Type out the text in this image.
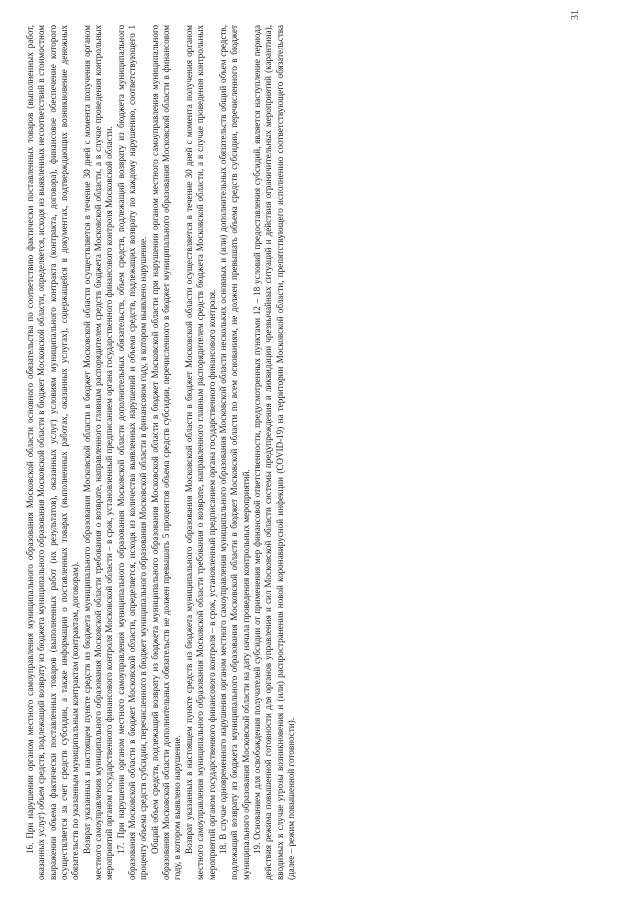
31

16. При нарушении органом местного самоуправления муниципального образования Московской области основного обязательства по соответствию фактически поставленных товаров (выполненных работ, оказанных услуг) объем средств, подлежащий возврату из бюджета муниципального образования Московской области в бюджет Московской области, определяется, исходя из выявленных несоответствий в стоимостном выражении объема фактически поставленных товаров (выполненных работ (их результатов), оказанных услуг) условиям муниципального контракта (контракта, договора), финансовое обеспечение которого осуществляется за счет средств субсидии, а также информации о поставленных товарах (выполненных работах, оказанных услугах), содержащейся в документах, подтверждающих возникновение денежных обязательств по указанным муниципальным контрактам (контрактам, договорам). Возврат указанных в настоящем пункте средств из бюджета муниципального образования Московской области в бюджет Московской области осуществляется в течение 30 дней с момента получения органом местного самоуправления муниципального образования Московской области требования о возврате, направленного главным распорядителем средств бюджета Московской области, а в случае проведения контрольных мероприятий органом государственного финансового контроля Московской области – в срок, установленный предписанием органа государственного финансового контроля Московской области. 17. При нарушении органом местного самоуправления муниципального образования Московской области дополнительных обязательств, объем средств, подлежащий возврату из бюджета муниципального образования Московской области в бюджет Московской области, определяется, исходя из количества выявленных нарушений и объема средств, подлежащих возврату по каждому нарушению, соответствующего 1 проценту объема средств субсидии, перечисленного в бюджет муниципального образования Московской области в финансовом году, в котором выявлено нарушение. Общий объем средств, подлежащий возврату из бюджета муниципального образования Московской области в бюджет Московской области при нарушении органом местного самоуправления муниципального образования Московской области дополнительных обязательств не должен превышать 5 процентов объема средств субсидии, перечисленного в бюджет муниципального образования Московской области в финансовом году, в котором выявлено нарушение. Возврат указанных в настоящем пункте средств из бюджета муниципального образования Московской области в бюджет Московской области осуществляется в течение 30 дней с момента получения органом местного самоуправления муниципального образования Московской области требования о возврате, направленного главным распорядителем средств бюджета Московской области, а в случае проведения контрольных мероприятий органом государственного финансового контроля – в срок, установленный предписанием органа государственного финансового контроля. 18. В случае одновременного нарушения органом местного самоуправления муниципального образования Московской области нескольких основных и (или) дополнительных обязательств общий объем средств, подлежащий возврату из бюджета муниципального образования Московской области в бюджет Московской области по всем основаниям, не должен превышать объема средств субсидии, перечисленного в бюджет муниципального образования Московской области на дату начала проведения контрольных мероприятий. 19. Основанием для освобождения получателей субсидии от применения мер финансовой ответственности, предусмотренных пунктами 12 – 18 условий предоставления субсидий, является наступление периода действия режима повышенной готовности для органов управления и сил Московской области системы предупреждения и ликвидации чрезвычайных ситуаций и действия ограничительных мероприятий (карантина), вводимых в случае угрозы возникновения и (или) распространения новой коронавирусной инфекции (COVID-19) на территории Московской области, препятствующего исполнению соответствующего обязательства (далее – режим повышенной готовности).
